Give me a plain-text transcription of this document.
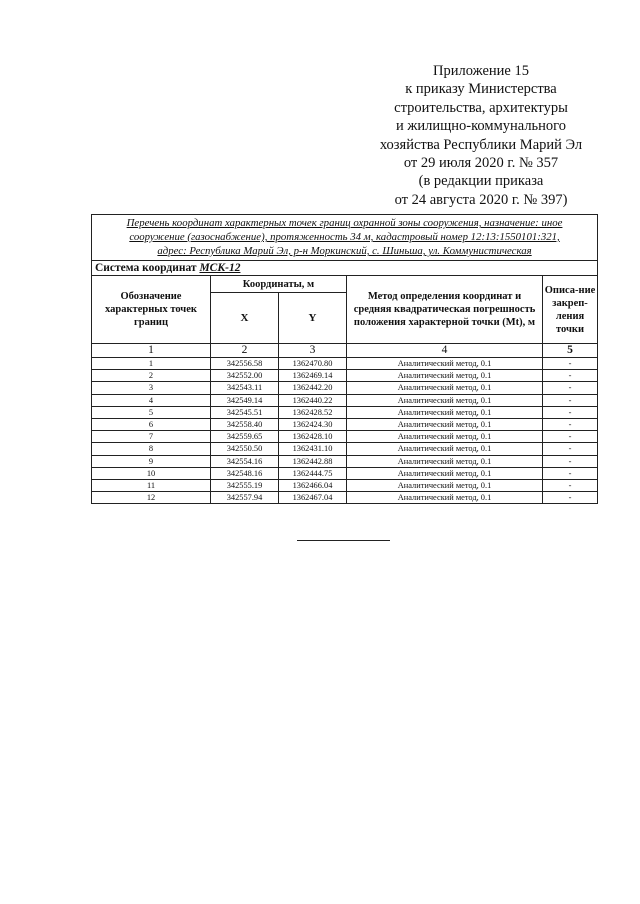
Приложение 15
к приказу Министерства
строительства, архитектуры
и жилищно-коммунального
хозяйства Республики Марий Эл
от 29 июля 2020 г. № 357
(в редакции приказа
от 24 августа 2020 г. № 397)
Перечень координат характерных точек границ охранной зоны сооружения, назначение: иное
сооружение (газоснабжение), протяженность 34 м, кадастровый номер 12:13:1550101:321,
адрес: Республика Марий Эл, р-н Моркинский, с. Шиньша, ул. Коммунистическая				
Система координат МСК-12				
Обозначение характерных точек границ	Координаты, м		Метод определения координат и средняя квадратическая погрешность положения характерной точки (Mt), м	Описа-ние закреп-ления точки
	X	Y		
1	2	3	4	5
1	342556.58	1362470.80	Аналитический метод, 0.1	-
2	342552.00	1362469.14	Аналитический метод, 0.1	-
3	342543.11	1362442.20	Аналитический метод, 0.1	-
4	342549.14	1362440.22	Аналитический метод, 0.1	-
5	342545.51	1362428.52	Аналитический метод, 0.1	-
6	342558.40	1362424.30	Аналитический метод, 0.1	-
7	342559.65	1362428.10	Аналитический метод, 0.1	-
8	342550.50	1362431.10	Аналитический метод, 0.1	-
9	342554.16	1362442.88	Аналитический метод, 0.1	-
10	342548.16	1362444.75	Аналитический метод, 0.1	-
11	342555.19	1362466.04	Аналитический метод, 0.1	-
12	342557.94	1362467.04	Аналитический метод, 0.1	-
